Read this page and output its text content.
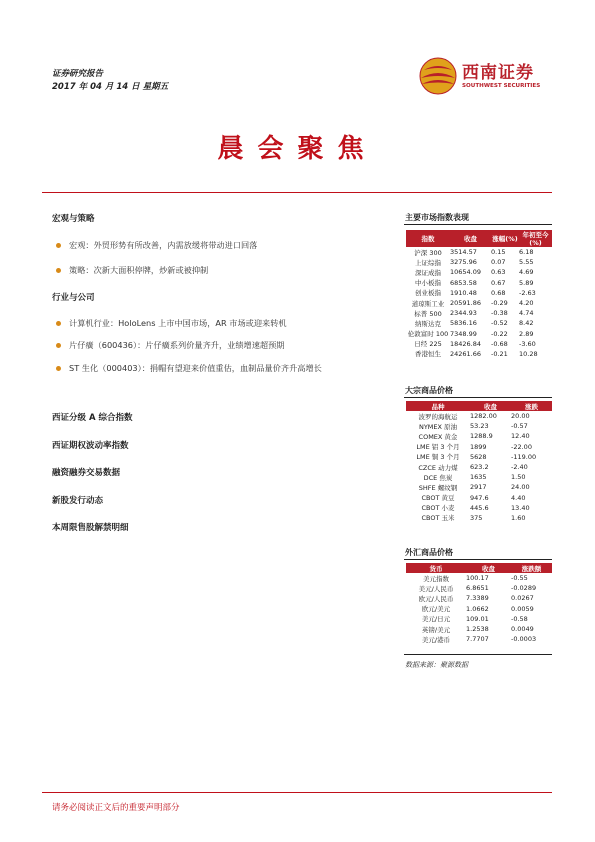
证券研究报告
2017 年 04 月 14 日 星期五
西南证券
SOUTHWEST SECURITIES
晨会聚焦
宏观与策略
宏观：外贸形势有所改善，内需放缓将带动进口回落
策略：次新大面积停牌，炒新或被抑制
行业与公司
计算机行业：HoloLens 上市中国市场，AR 市场或迎来转机
片仔癀（600436）：片仔癀系列价量齐升，业绩增速超预期
ST 生化（000403）：捐帽有望迎来价值重估，血制品量价齐升高增长
西证分级 A 综合指数
西证期权波动率指数
融资融券交易数据
新股发行动态
本周限售股解禁明细
主要市场指数表现
指数	收盘	涨幅(%)	年初至今(%)
沪深 300	3514.57	0.15	6.18
上证综指	3275.96	0.07	5.55
深证成指	10654.09	0.63	4.69
中小板指	6853.58	0.67	5.89
创业板指	1910.48	0.68	-2.63
道琼斯工业	20591.86	-0.29	4.20
标普 500	2344.93	-0.38	4.74
纳斯达克	5836.16	-0.52	8.42
伦敦富时 100	7348.99	-0.22	2.89
日经 225	18426.84	-0.68	-3.60
香港恒生	24261.66	-0.21	10.28
大宗商品价格
品种	收盘	涨跌
波罗的海航运	1282.00	20.00
NYMEX 原油	53.23	-0.57
COMEX 黄金	1288.9	12.40
LME 铝 3 个月	1899	-22.00
LME 铜 3 个月	5628	-119.00
CZCE 动力煤	623.2	-2.40
DCE 焦炭	1635	1.50
SHFE 螺纹钢	2917	24.00
CBOT 黄豆	947.6	4.40
CBOT 小麦	445.6	13.40
CBOT 玉米	375	1.60
外汇商品价格
货币	收盘	涨跌额
美元指数	100.17	-0.55
美元/人民币	6.8651	-0.0289
欧元/人民币	7.3389	0.0267
欧元/美元	1.0662	0.0059
美元/日元	109.01	-0.58
英镑/美元	1.2538	0.0049
美元/港币	7.7707	-0.0003
数据来源：聚源数据
请务必阅读正文后的重要声明部分
